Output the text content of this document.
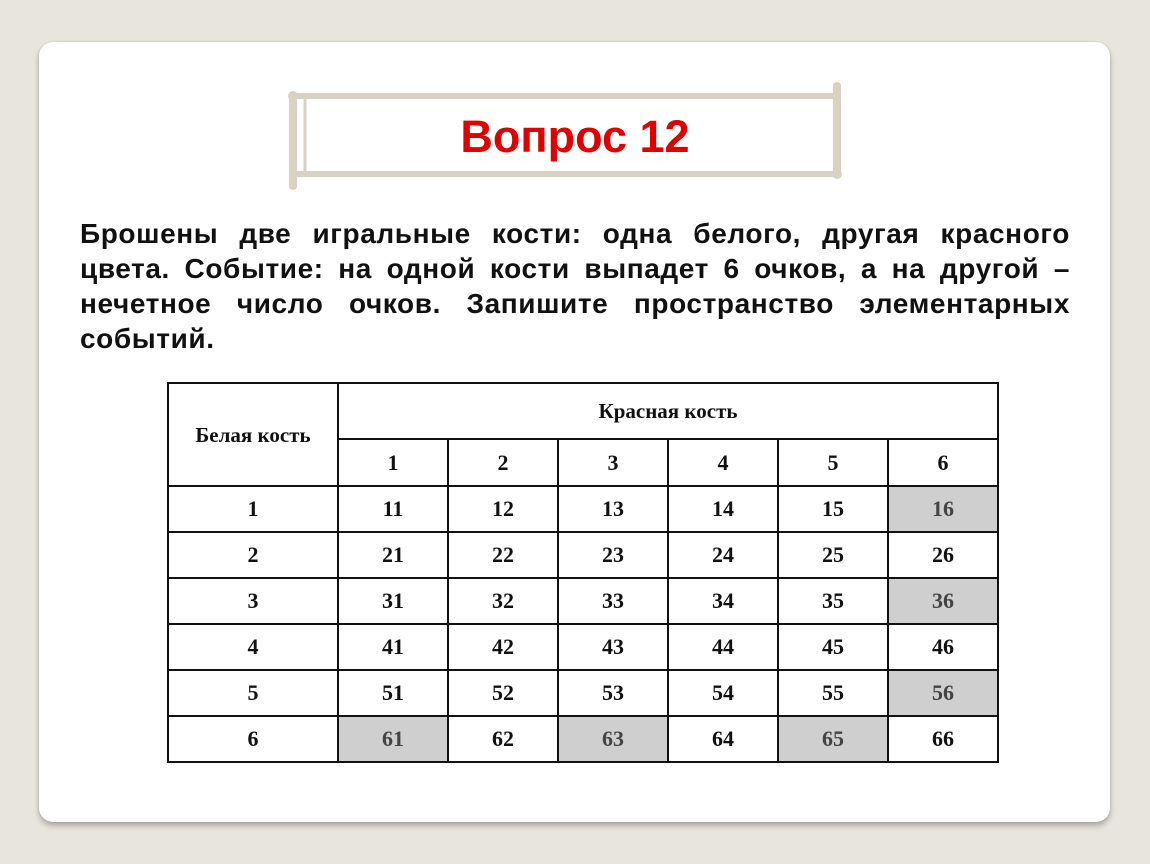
Вопрос 12
Брошены две игральные кости: одна белого, другая красного цвета. Событие: на одной кости выпадет 6 очков, а на другой – нечетное число очков. Запишите пространство элементарных событий.
Белая кость	Красная кость					
	1	2	3	4	5	6
1	11	12	13	14	15	16
2	21	22	23	24	25	26
3	31	32	33	34	35	36
4	41	42	43	44	45	46
5	51	52	53	54	55	56
6	61	62	63	64	65	66
